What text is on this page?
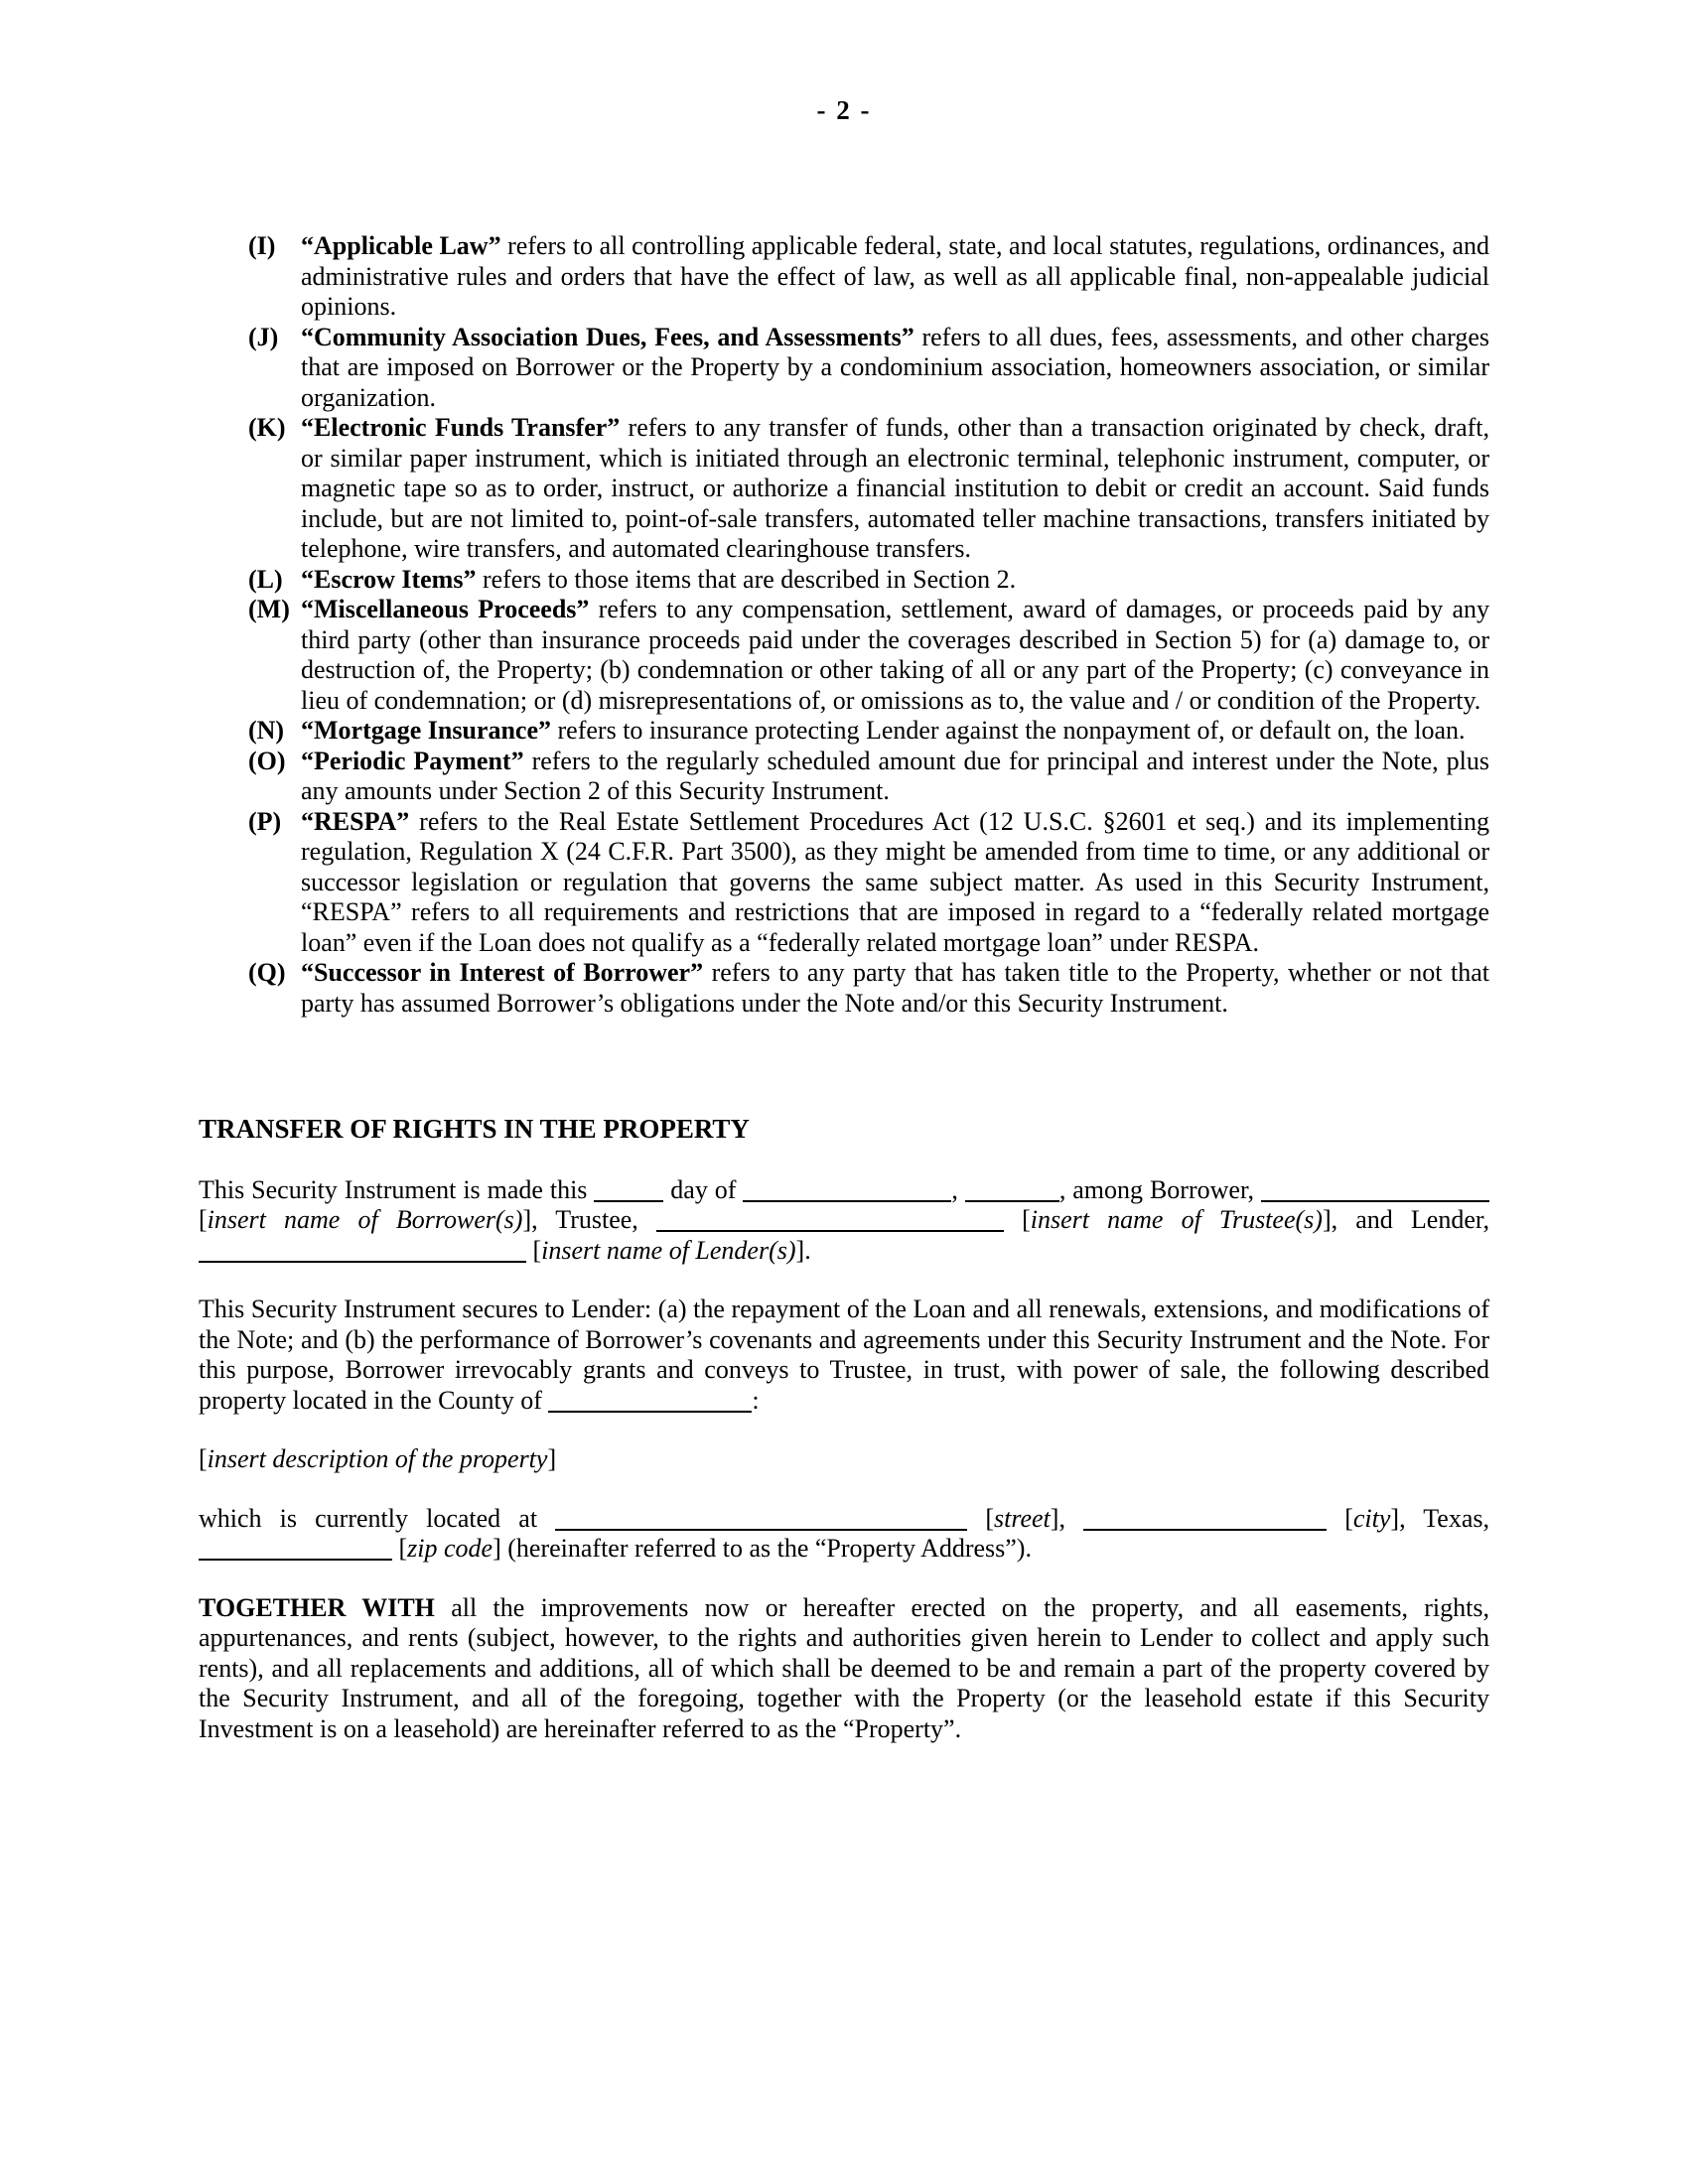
- 2 -
(I) “Applicable Law” refers to all controlling applicable federal, state, and local statutes, regulations, ordinances, and administrative rules and orders that have the effect of law, as well as all applicable final, non-appealable judicial opinions.
(J) “Community Association Dues, Fees, and Assessments” refers to all dues, fees, assessments, and other charges that are imposed on Borrower or the Property by a condominium association, homeowners association, or similar organization.
(K) “Electronic Funds Transfer” refers to any transfer of funds, other than a transaction originated by check, draft, or similar paper instrument, which is initiated through an electronic terminal, telephonic instrument, computer, or magnetic tape so as to order, instruct, or authorize a financial institution to debit or credit an account. Said funds include, but are not limited to, point-of-sale transfers, automated teller machine transactions, transfers initiated by telephone, wire transfers, and automated clearinghouse transfers.
(L) “Escrow Items” refers to those items that are described in Section 2.
(M) “Miscellaneous Proceeds” refers to any compensation, settlement, award of damages, or proceeds paid by any third party (other than insurance proceeds paid under the coverages described in Section 5) for (a) damage to, or destruction of, the Property; (b) condemnation or other taking of all or any part of the Property; (c) conveyance in lieu of condemnation; or (d) misrepresentations of, or omissions as to, the value and / or condition of the Property.
(N) “Mortgage Insurance” refers to insurance protecting Lender against the nonpayment of, or default on, the loan.
(O) “Periodic Payment” refers to the regularly scheduled amount due for principal and interest under the Note, plus any amounts under Section 2 of this Security Instrument.
(P) “RESPA” refers to the Real Estate Settlement Procedures Act (12 U.S.C. §2601 et seq.) and its implementing regulation, Regulation X (24 C.F.R. Part 3500), as they might be amended from time to time, or any additional or successor legislation or regulation that governs the same subject matter. As used in this Security Instrument, “RESPA” refers to all requirements and restrictions that are imposed in regard to a “federally related mortgage loan” even if the Loan does not qualify as a “federally related mortgage loan” under RESPA.
(Q) “Successor in Interest of Borrower” refers to any party that has taken title to the Property, whether or not that party has assumed Borrower’s obligations under the Note and/or this Security Instrument.
TRANSFER OF RIGHTS IN THE PROPERTY
This Security Instrument is made this	day of	,	, among Borrower,  [insert name of Borrower(s)], Trustee,	[insert name of Trustee(s)], and Lender,  [insert name of Lender(s)].
This Security Instrument secures to Lender: (a) the repayment of the Loan and all renewals, extensions, and modifications of the Note; and (b) the performance of Borrower’s covenants and agreements under this Security Instrument and the Note. For this purpose, Borrower irrevocably grants and conveys to Trustee, in trust, with power of sale, the following described property located in the County of	:
[insert description of the property]
which is currently located at	[street],	[city], Texas,  [zip code] (hereinafter referred to as the “Property Address”).
TOGETHER WITH all the improvements now or hereafter erected on the property, and all easements, rights, appurtenances, and rents (subject, however, to the rights and authorities given herein to Lender to collect and apply such rents), and all replacements and additions, all of which shall be deemed to be and remain a part of the property covered by the Security Instrument, and all of the foregoing, together with the Property (or the leasehold estate if this Security Investment is on a leasehold) are hereinafter referred to as the “Property”.
